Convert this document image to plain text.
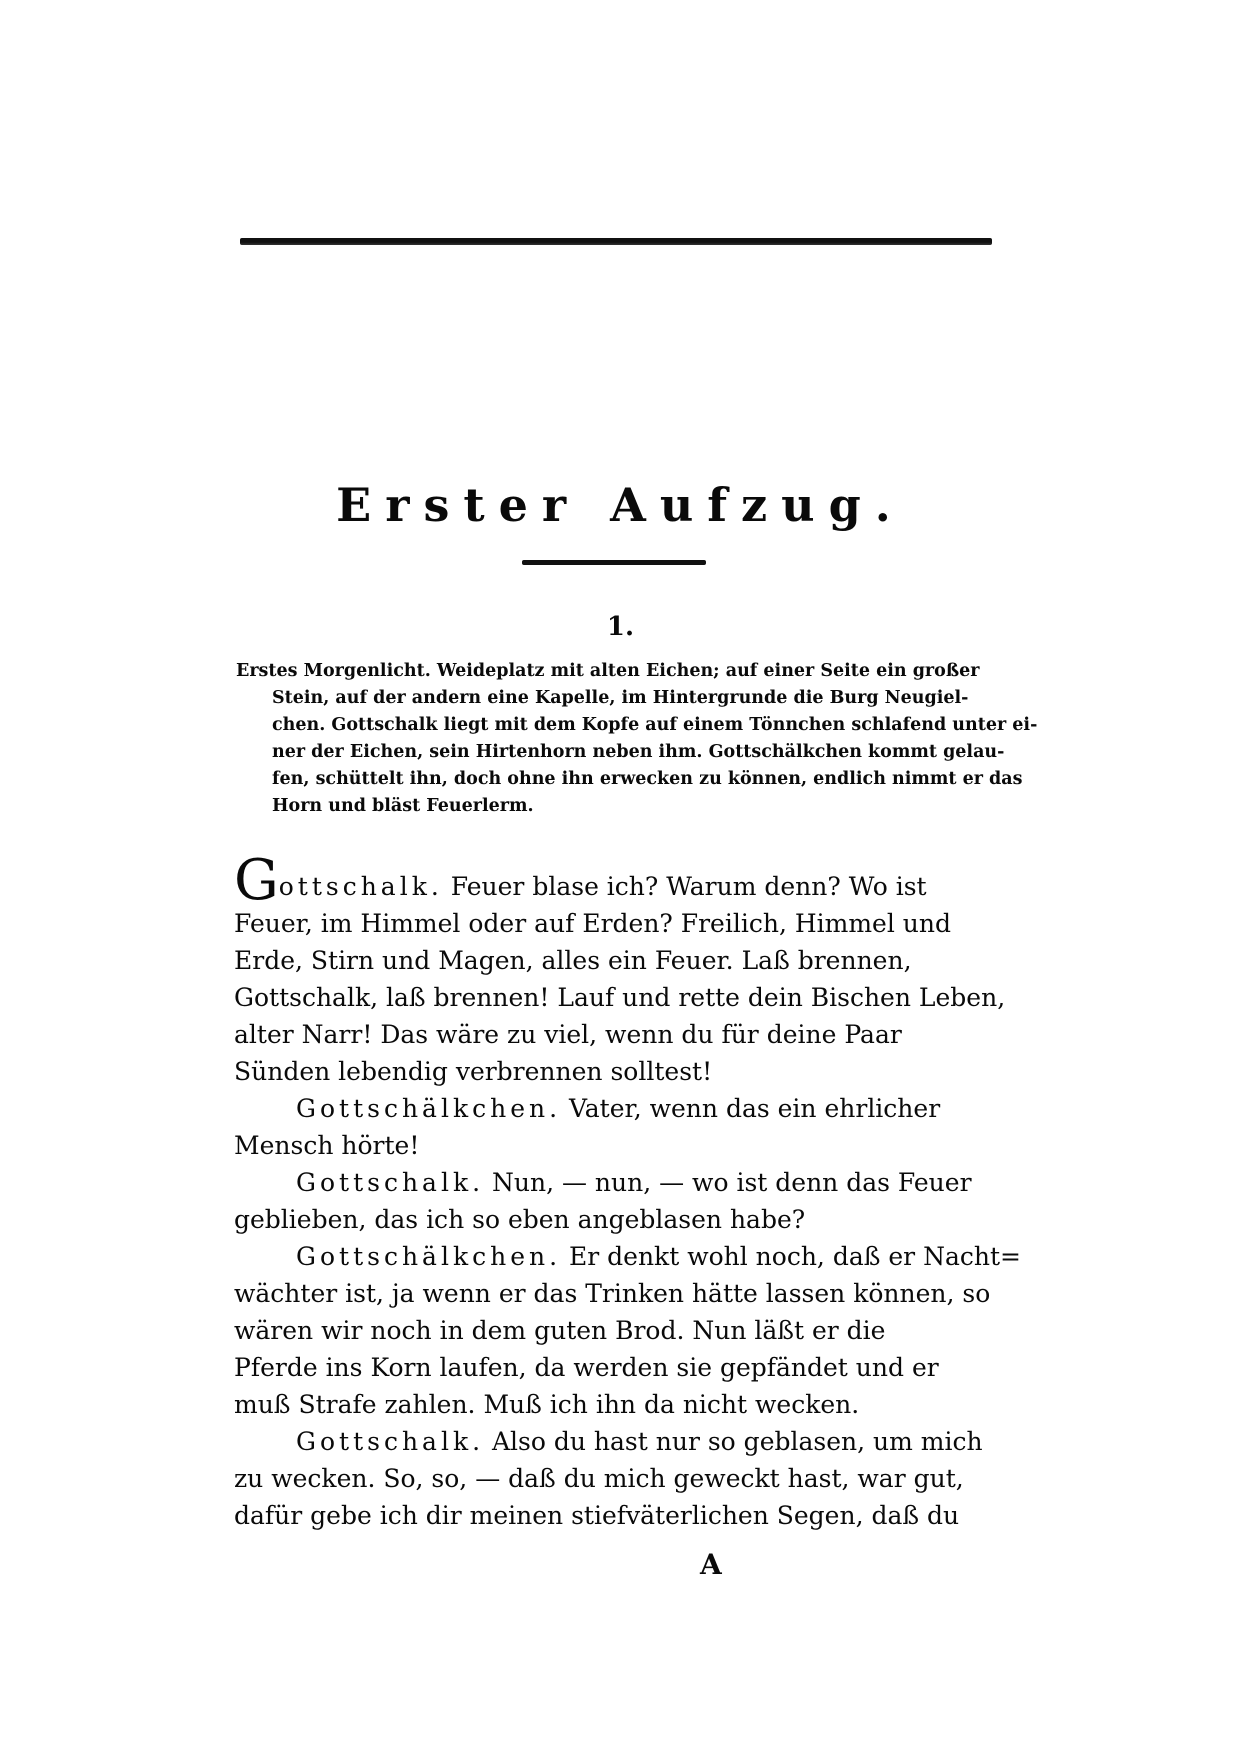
Erster Aufzug.
1.
Erstes Morgenlicht. Weideplatz mit alten Eichen; auf einer Seite ein großer
Stein, auf der andern eine Kapelle, im Hintergrunde die Burg Neugiel-
chen. Gottschalk liegt mit dem Kopfe auf einem Tönnchen schlafend unter ei-
ner der Eichen, sein Hirtenhorn neben ihm. Gottschälkchen kommt gelau-
fen, schüttelt ihn, doch ohne ihn erwecken zu können, endlich nimmt er das
Horn und bläst Feuerlerm.
Gottschalk. Feuer blase ich? Warum denn? Wo ist
Feuer, im Himmel oder auf Erden? Freilich, Himmel und
Erde, Stirn und Magen, alles ein Feuer. Laß brennen,
Gottschalk, laß brennen! Lauf und rette dein Bischen Leben,
alter Narr! Das wäre zu viel, wenn du für deine Paar
Sünden lebendig verbrennen solltest!
Gottschälkchen. Vater, wenn das ein ehrlicher
Mensch hörte!
Gottschalk. Nun, — nun, — wo ist denn das Feuer
geblieben, das ich so eben angeblasen habe?
Gottschälkchen. Er denkt wohl noch, daß er Nacht=
wächter ist, ja wenn er das Trinken hätte lassen können, so
wären wir noch in dem guten Brod. Nun läßt er die
Pferde ins Korn laufen, da werden sie gepfändet und er
muß Strafe zahlen. Muß ich ihn da nicht wecken.
Gottschalk. Also du hast nur so geblasen, um mich
zu wecken. So, so, — daß du mich geweckt hast, war gut,
dafür gebe ich dir meinen stiefväterlichen Segen, daß du
A
